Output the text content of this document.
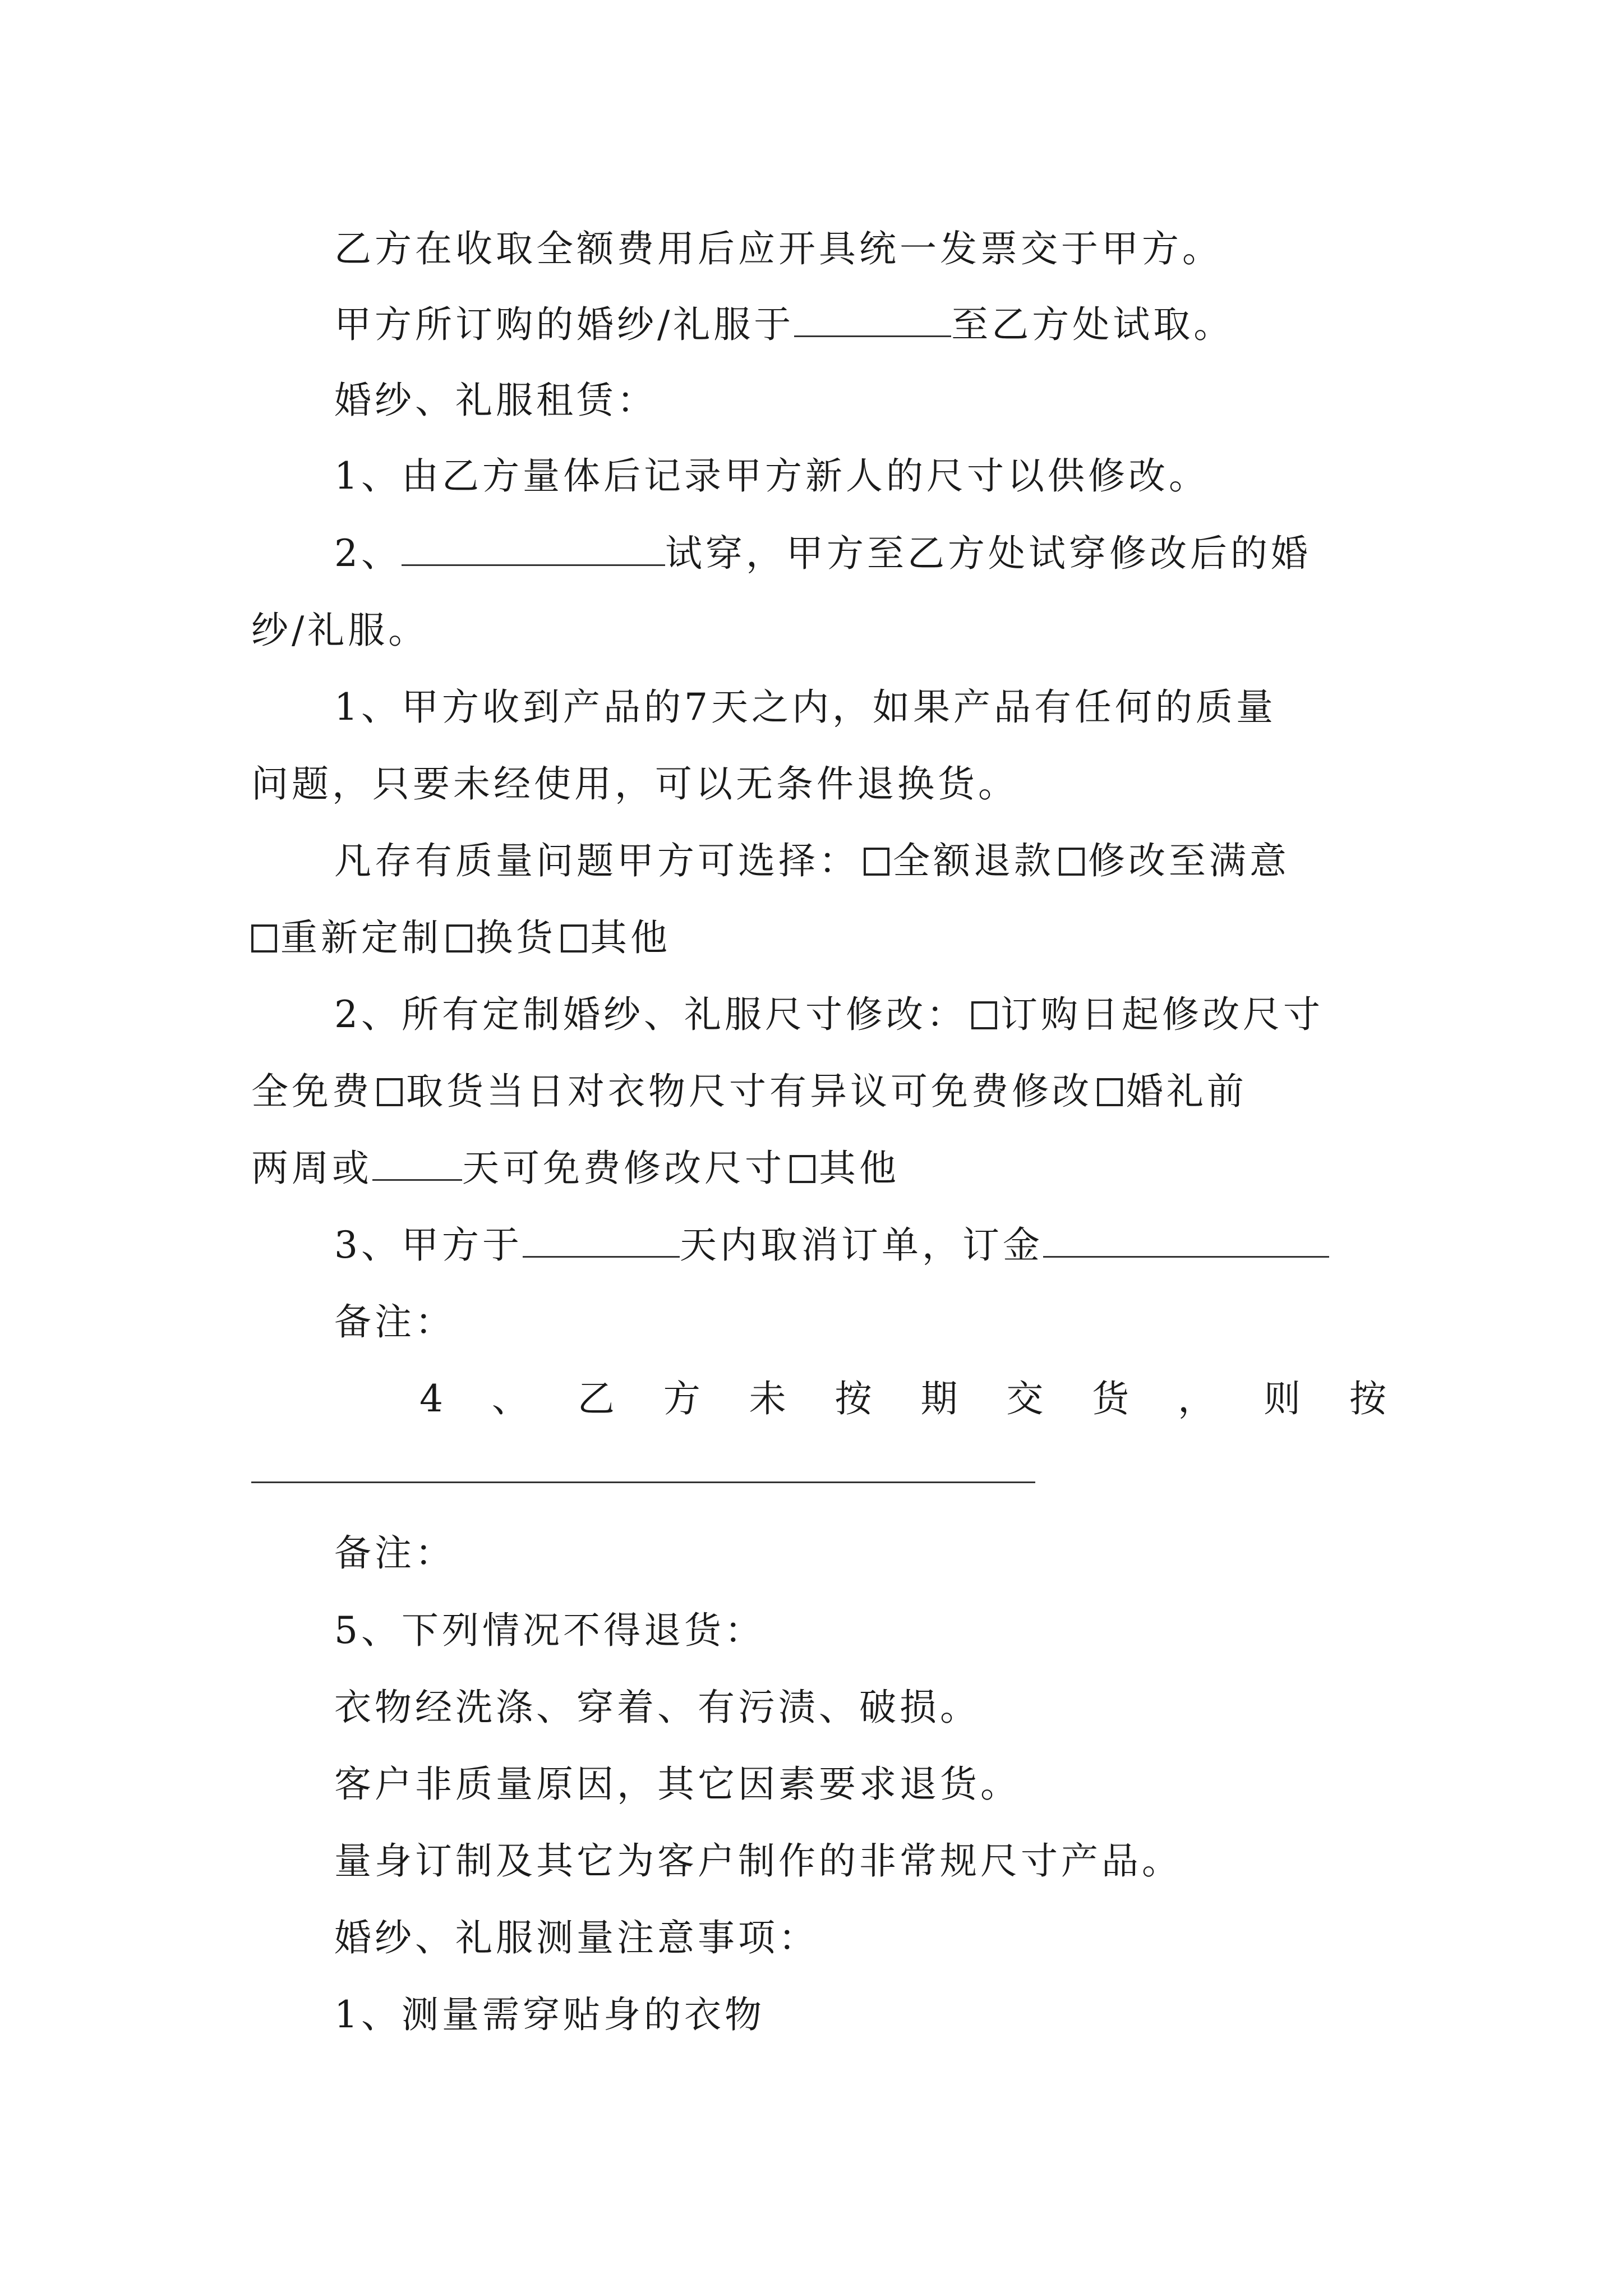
乙方在收取全额费用后应开具统一发票交于甲方。

甲方所订购的婚纱/礼服于	至乙方处试取。

婚纱、礼服租赁：

1、由乙方量体后记录甲方新人的尺寸以供修改。

2、	试穿，甲方至乙方处试穿修改后的婚

纱/礼服。

1、甲方收到产品的7天之内，如果产品有任何的质量

问题，只要未经使用，可以无条件退换货。

凡存有质量问题甲方可选择： 全额退款 修改至满意

重新定制 换货 其他

2、所有定制婚纱、礼服尺寸修改： 订购日起修改尺寸

全免费 取货当日对衣物尺寸有异议可免费修改 婚礼前

两周或 天可免费修改尺寸 其他

3、甲方于	天内取消订单，订金

备注：

4 、 乙 方 未 按 期 交 货 ， 则 按

备注：

5、下列情况不得退货：

衣物经洗涤、穿着、有污渍、破损。

客户非质量原因，其它因素要求退货。

量身订制及其它为客户制作的非常规尺寸产品。

婚纱、礼服测量注意事项：

1、测量需穿贴身的衣物
